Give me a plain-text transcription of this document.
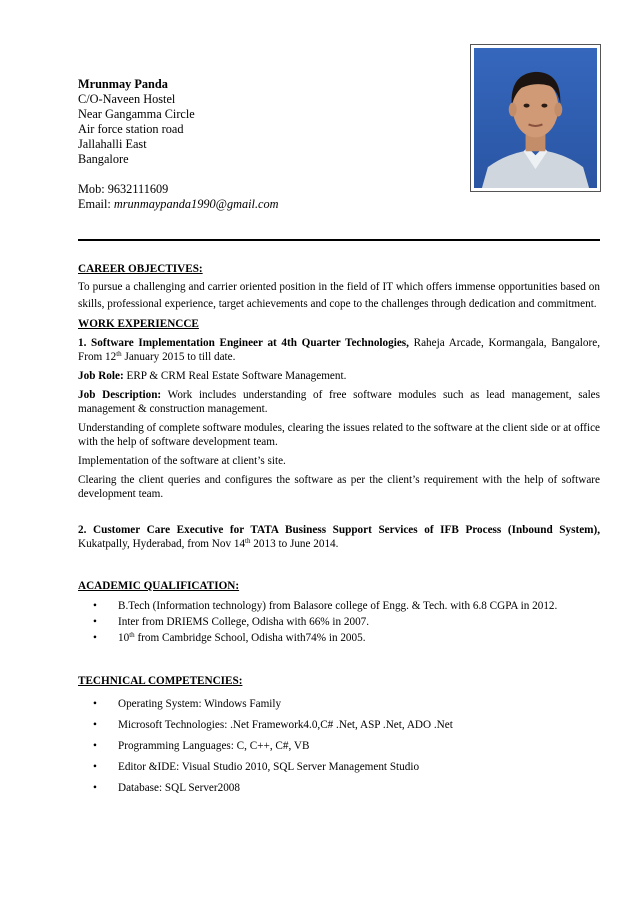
Mrunmay Panda
C/O-Naveen Hostel
Near Gangamma Circle
Air force station road
Jallahalli East
Bangalore
Mob: 9632111609
Email: mrunmaypanda1990@gmail.com
CAREER OBJECTIVES:

To pursue a challenging and carrier oriented position in the field of IT which offers immense opportunities based on skills, professional experience, target achievements and cope to the challenges through dedication and commitment.

WORK EXPERIENCCE

1. Software Implementation Engineer at 4th Quarter Technologies, Raheja Arcade, Kormangala, Bangalore, From 12th January 2015 to till date.

Job Role: ERP & CRM Real Estate Software Management.

Job Description: Work includes understanding of free software modules such as lead management, sales management & construction management.

Understanding of complete software modules, clearing the issues related to the software at the client side or at office with the help of software development team.

Implementation of the software at client’s site.

Clearing the client queries and configures the software as per the client’s requirement with the help of software development team.

2. Customer Care Executive for TATA Business Support Services of IFB Process (Inbound System), Kukatpally, Hyderabad, from Nov 14th 2013 to June 2014.

ACADEMIC QUALIFICATION:
• B.Tech (Information technology) from Balasore college of Engg. & Tech. with 6.8 CGPA in 2012.
• Inter from DRIEMS College, Odisha with 66% in 2007.
• 10th from Cambridge School, Odisha with74% in 2005.
TECHNICAL COMPETENCIES:
• Operating System: Windows Family
• Microsoft Technologies: .Net Framework4.0,C# .Net, ASP .Net, ADO .Net
• Programming Languages: C, C++, C#, VB
• Editor &IDE: Visual Studio 2010, SQL Server Management Studio
• Database: SQL Server2008
